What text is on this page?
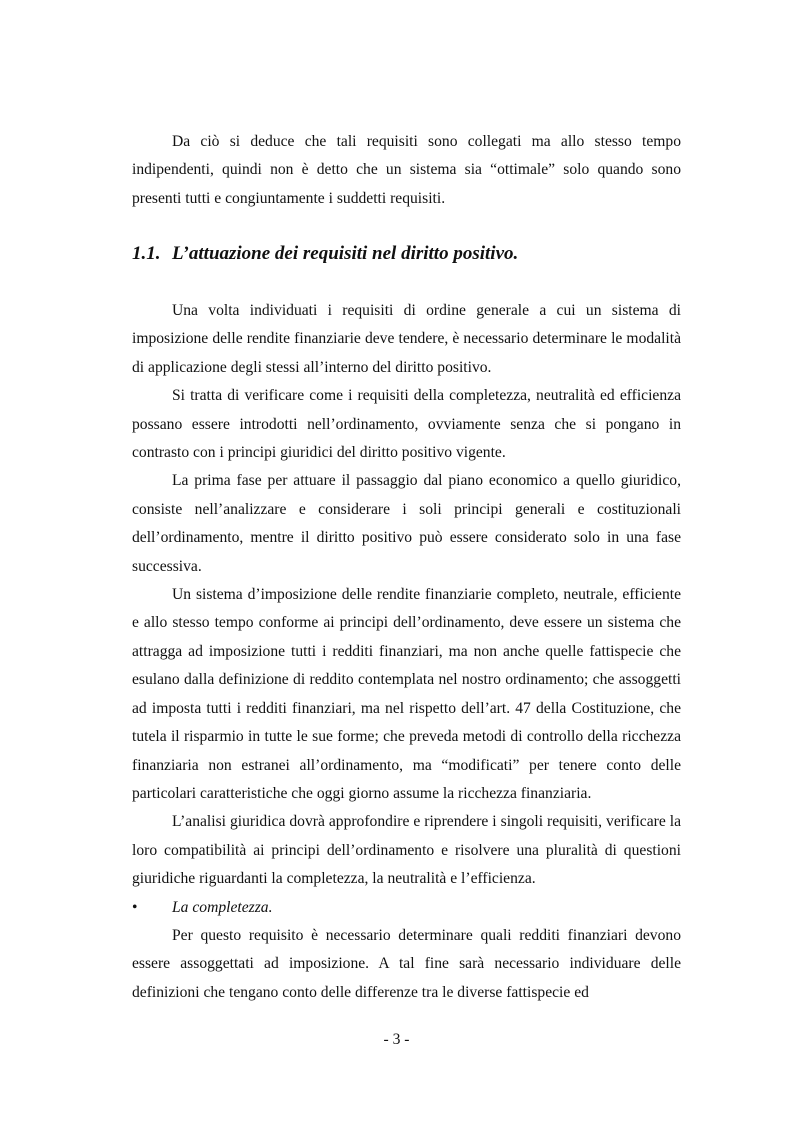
Da ciò si deduce che tali requisiti sono collegati ma allo stesso tempo indipendenti, quindi non è detto che un sistema sia “ottimale” solo quando sono presenti tutti e congiuntamente i suddetti requisiti.

1.1. L’attuazione dei requisiti nel diritto positivo.

Una volta individuati i requisiti di ordine generale a cui un sistema di imposizione delle rendite finanziarie deve tendere, è necessario determinare le modalità di applicazione degli stessi all’interno del diritto positivo.

Si tratta di verificare come i requisiti della completezza, neutralità ed efficienza possano essere introdotti nell’ordinamento, ovviamente senza che si pongano in contrasto con i principi giuridici del diritto positivo vigente.

La prima fase per attuare il passaggio dal piano economico a quello giuridico, consiste nell’analizzare e considerare i soli principi generali e costituzionali dell’ordinamento, mentre il diritto positivo può essere considerato solo in una fase successiva.

Un sistema d’imposizione delle rendite finanziarie completo, neutrale, efficiente e allo stesso tempo conforme ai principi dell’ordinamento, deve essere un sistema che attragga ad imposizione tutti i redditi finanziari, ma non anche quelle fattispecie che esulano dalla definizione di reddito contemplata nel nostro ordinamento; che assoggetti ad imposta tutti i redditi finanziari, ma nel rispetto dell’art. 47 della Costituzione, che tutela il risparmio in tutte le sue forme; che preveda metodi di controllo della ricchezza finanziaria non estranei all’ordinamento, ma “modificati” per tenere conto delle particolari caratteristiche che oggi giorno assume la ricchezza finanziaria.

L’analisi giuridica dovrà approfondire e riprendere i singoli requisiti, verificare la loro compatibilità ai principi dell’ordinamento e risolvere una pluralità di questioni giuridiche riguardanti la completezza, la neutralità e l’efficienza.

•	La completezza.

Per questo requisito è necessario determinare quali redditi finanziari devono essere assoggettati ad imposizione. A tal fine sarà necessario individuare delle definizioni che tengano conto delle differenze tra le diverse fattispecie ed

- 3 -
